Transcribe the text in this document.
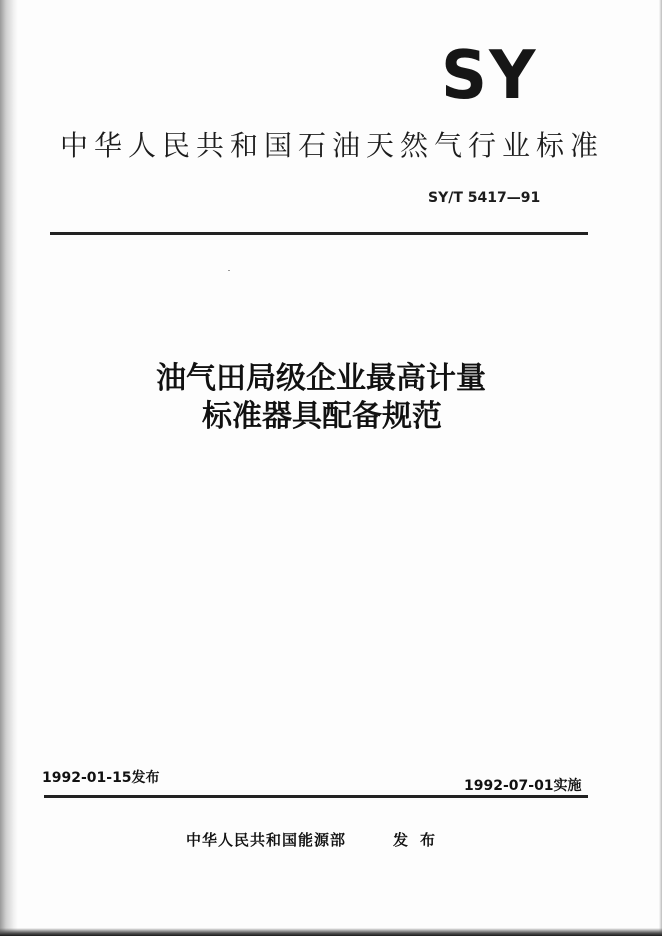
SY
中华人民共和国石油天然气行业标准
SY/T 5417—91
油气田局级企业最高计量
标准器具配备规范
1992-01-15发布	1992-07-01实施
中华人民共和国能源部	发布
